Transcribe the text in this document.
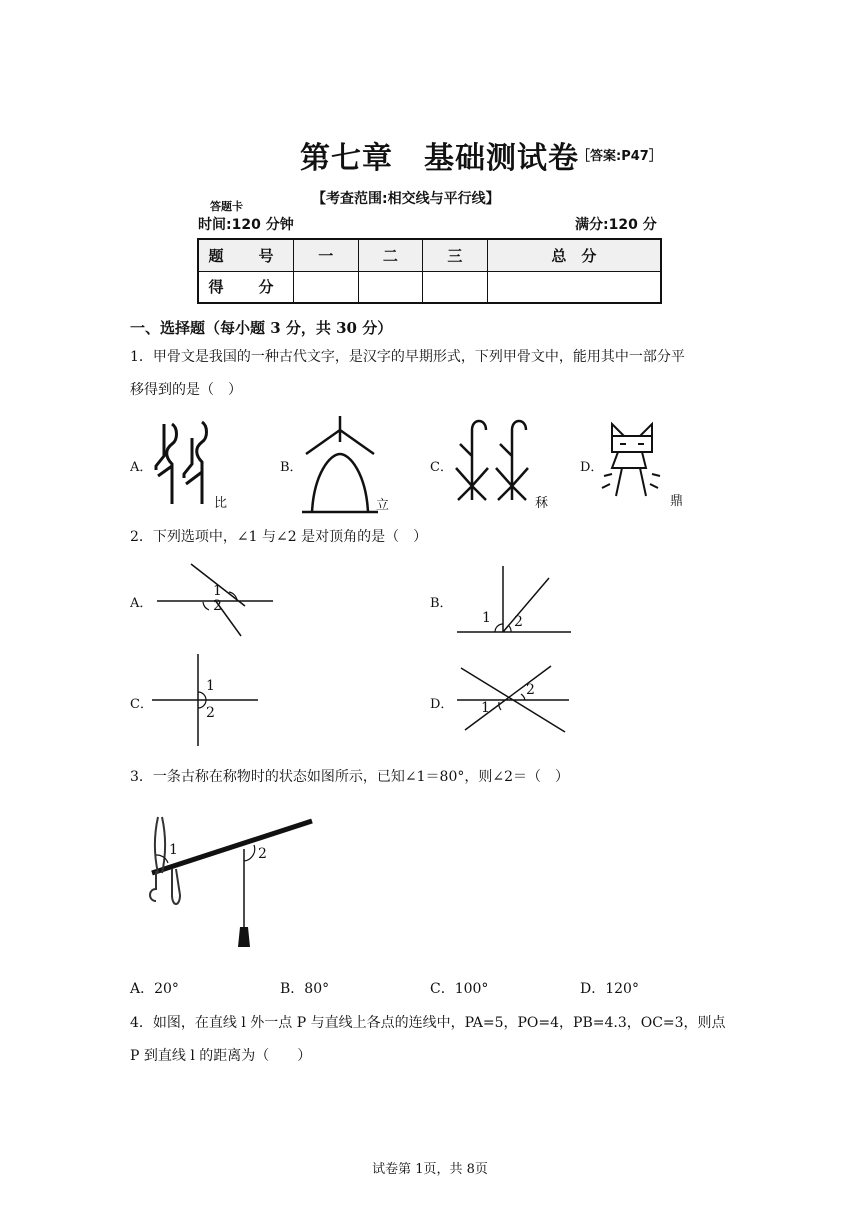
第七章　基础测试卷
［答案:P47］
【考查范围:相交线与平行线】
答题卡
时间:120 分钟	满分:120 分
题　号	一	二	三	总　分
得　分				
一、选择题（每小题 3 分，共 30 分）
1．甲骨文是我国的一种古代文字，是汉字的早期形式，下列甲骨文中，能用其中一部分平
移得到的是（　）
A．	B．	C．	D．
比	立	秝	鼎
2．下列选项中，∠1 与∠2 是对顶角的是（　）
A．	B．
C．	D．
1
2
1 2
1
2	1
2
3．一条古称在称物时的状态如图所示，已知∠1＝80°，则∠2＝（　）
1	2
A．20°	B．80°	C．100°	D．120°
4．如图，在直线 l 外一点 P 与直线上各点的连线中，PA=5，PO=4，PB=4.3，OC=3，则点
P 到直线 l 的距离为（　　）
试卷第 1页，共 8页
